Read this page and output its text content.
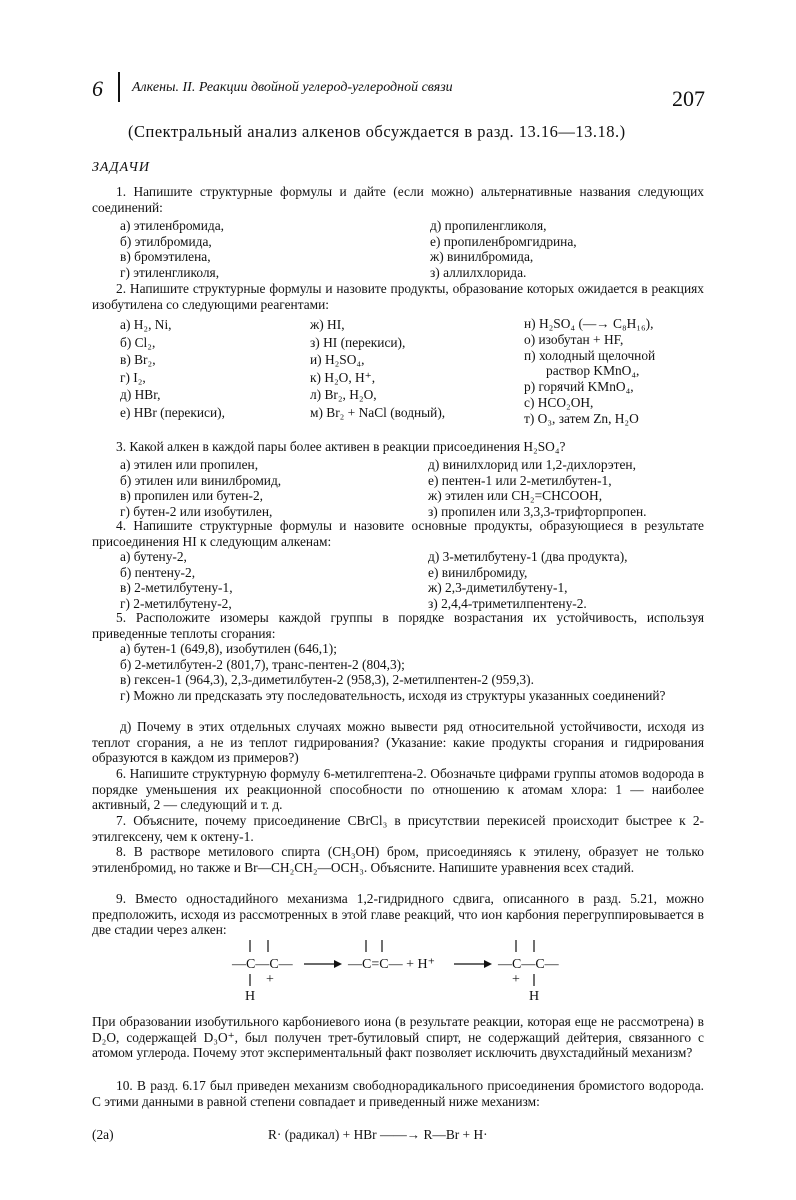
6 Алкены. II. Реакции двойной углерод-углеродной связи	207
(Спектральный анализ алкенов обсуждается в разд. 13.16—13.18.)
ЗАДАЧИ
1. Напишите структурные формулы и дайте (если можно) альтернативные названия следующих соединений:
а) этиленбромида,
б) этилбромида,
в) бромэтилена,
г) этиленгликоля,
д) пропиленгликоля,
е) пропиленбромгидрина,
ж) винилбромида,
з) аллилхлорида.
2. Напишите структурные формулы и назовите продукты, образование которых ожидается в реакциях изобутилена со следующими реагентами:
а) H₂, Ni,
б) Cl₂,
в) Br₂,
г) I₂,
д) HBr,
е) HBr (перекиси),
ж) HI,
з) HI (перекиси),
и) H₂SO₄,
к) H₂O, H⁺,
л) Br₂, H₂O,
м) Br₂ + NaCl (водный),
н) H₂SO₄ (—→ C₈H₁₆),
о) изобутан + HF,
п) холодный щелочной
раствор KMnO₄,
р) горячий KMnO₄,
с) HCO₂OH,
т) O₃, затем Zn, H₂O
3. Какой алкен в каждой пары более активен в реакции присоединения H₂SO₄?
а) этилен или пропилен,
б) этилен или винилбромид,
в) пропилен или бутен-2,
г) бутен-2 или изобутилен,
д) винилхлорид или 1,2-дихлорэтен,
е) пентен-1 или 2-метилбутен-1,
ж) этилен или CH₂=CHCOOH,
з) пропилен или 3,3,3-трифторпропен.
4. Напишите структурные формулы и назовите основные продукты, образующиеся в результате присоединения HI к следующим алкенам:
а) бутену-2,
б) пентену-2,
в) 2-метилбутену-1,
г) 2-метилбутену-2,
д) 3-метилбутену-1 (два продукта),
е) винилбромиду,
ж) 2,3-диметилбутену-1,
з) 2,4,4-триметилпентену-2.
5. Расположите изомеры каждой группы в порядке возрастания их устойчивость, используя приведенные теплоты сгорания:
а) бутен-1 (649,8), изобутилен (646,1);
б) 2-метилбутен-2 (801,7), транс-пентен-2 (804,3);
в) гексен-1 (964,3), 2,3-диметилбутен-2 (958,3), 2-метилпентен-2 (959,3).
г) Можно ли предсказать эту последовательность, исходя из структуры указанных соединений?
д) Почему в этих отдельных случаях можно вывести ряд относительной устойчивости, исходя из теплот сгорания, а не из теплот гидрирования? (Указание: какие продукты сгорания и гидрирования образуются в каждом из примеров?)
6. Напишите структурную формулу 6-метилгептена-2. Обозначьте цифрами группы атомов водорода в порядке уменьшения их реакционной способности по отношению к атомам хлора: 1 — наиболее активный, 2 — следующий и т. д.
7. Объясните, почему присоединение CBrCl₃ в присутствии перекисей происходит быстрее к 2-этилгексену, чем к октену-1.
8. В растворе метилового спирта (CH₃OH) бром, присоединяясь к этилену, образует не только этиленбромид, но также и Br—CH₂CH₂—OCH₃. Объясните. Напишите уравнения всех стадий.
9. Вместо одностадийного механизма 1,2-гидридного сдвига, описанного в разд. 5.21, можно предположить, исходя из рассмотренных в этой главе реакций, что ион карбония перегруппировывается в две стадии через алкен:
—C—C—
+
H
—C=C— + H⁺	—C—C—
+
H
При образовании изобутильного карбониевого иона (в результате реакции, которая еще не рассмотрена) в D₂O, содержащей D₃O⁺, был получен трет-бутиловый спирт, не содержащий дейтерия, связанного с атомом углерода. Почему этот экспериментальный факт позволяет исключить двухстадийный механизм?
10. В разд. 6.17 был приведен механизм свободнорадикального присоединения бромистого водорода. С этими данными в равной степени совпадает и приведенный ниже механизм:
(2a)	R· (радикал) + HBr ——→ R—Br + H·
